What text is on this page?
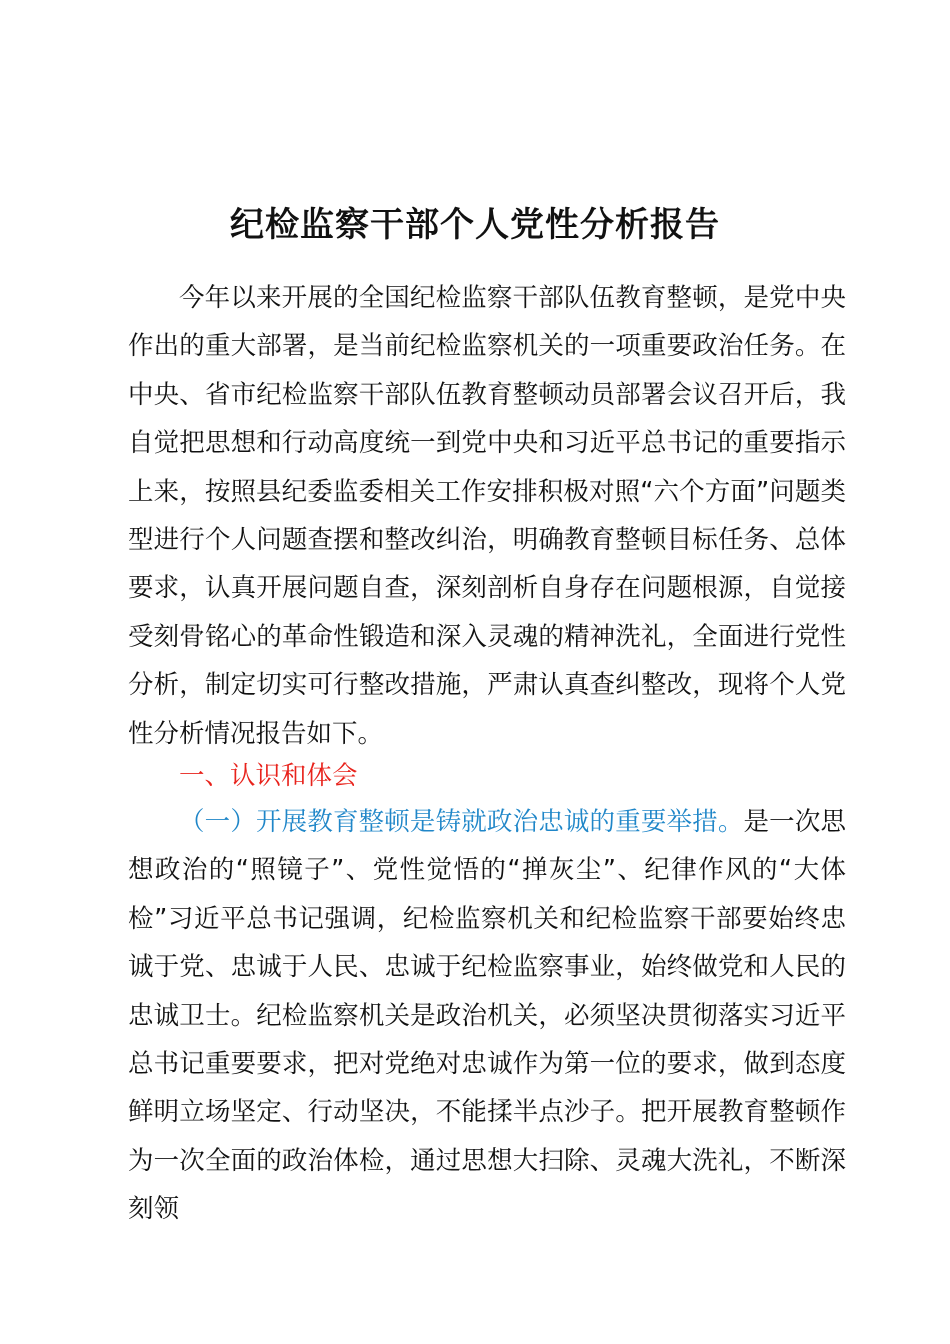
纪检监察干部个人党性分析报告

今年以来开展的全国纪检监察干部队伍教育整顿，是党中央作出的重大部署，是当前纪检监察机关的一项重要政治任务。在中央、省市纪检监察干部队伍教育整顿动员部署会议召开后，我自觉把思想和行动高度统一到党中央和习近平总书记的重要指示上来，按照县纪委监委相关工作安排积极对照“六个方面”问题类型进行个人问题查摆和整改纠治，明确教育整顿目标任务、总体要求，认真开展问题自查，深刻剖析自身存在问题根源，自觉接受刻骨铭心的革命性锻造和深入灵魂的精神洗礼，全面进行党性分析，制定切实可行整改措施，严肃认真查纠整改，现将个人党性分析情况报告如下。

一、认识和体会

（一）开展教育整顿是铸就政治忠诚的重要举措。是一次思想政治的“照镜子”、党性觉悟的“掸灰尘”、纪律作风的“大体检”习近平总书记强调，纪检监察机关和纪检监察干部要始终忠诚于党、忠诚于人民、忠诚于纪检监察事业，始终做党和人民的忠诚卫士。纪检监察机关是政治机关，必须坚决贯彻落实习近平总书记重要要求，把对党绝对忠诚作为第一位的要求，做到态度鲜明立场坚定、行动坚决，不能揉半点沙子。把开展教育整顿作为一次全面的政治体检，通过思想大扫除、灵魂大洗礼，不断深刻领
